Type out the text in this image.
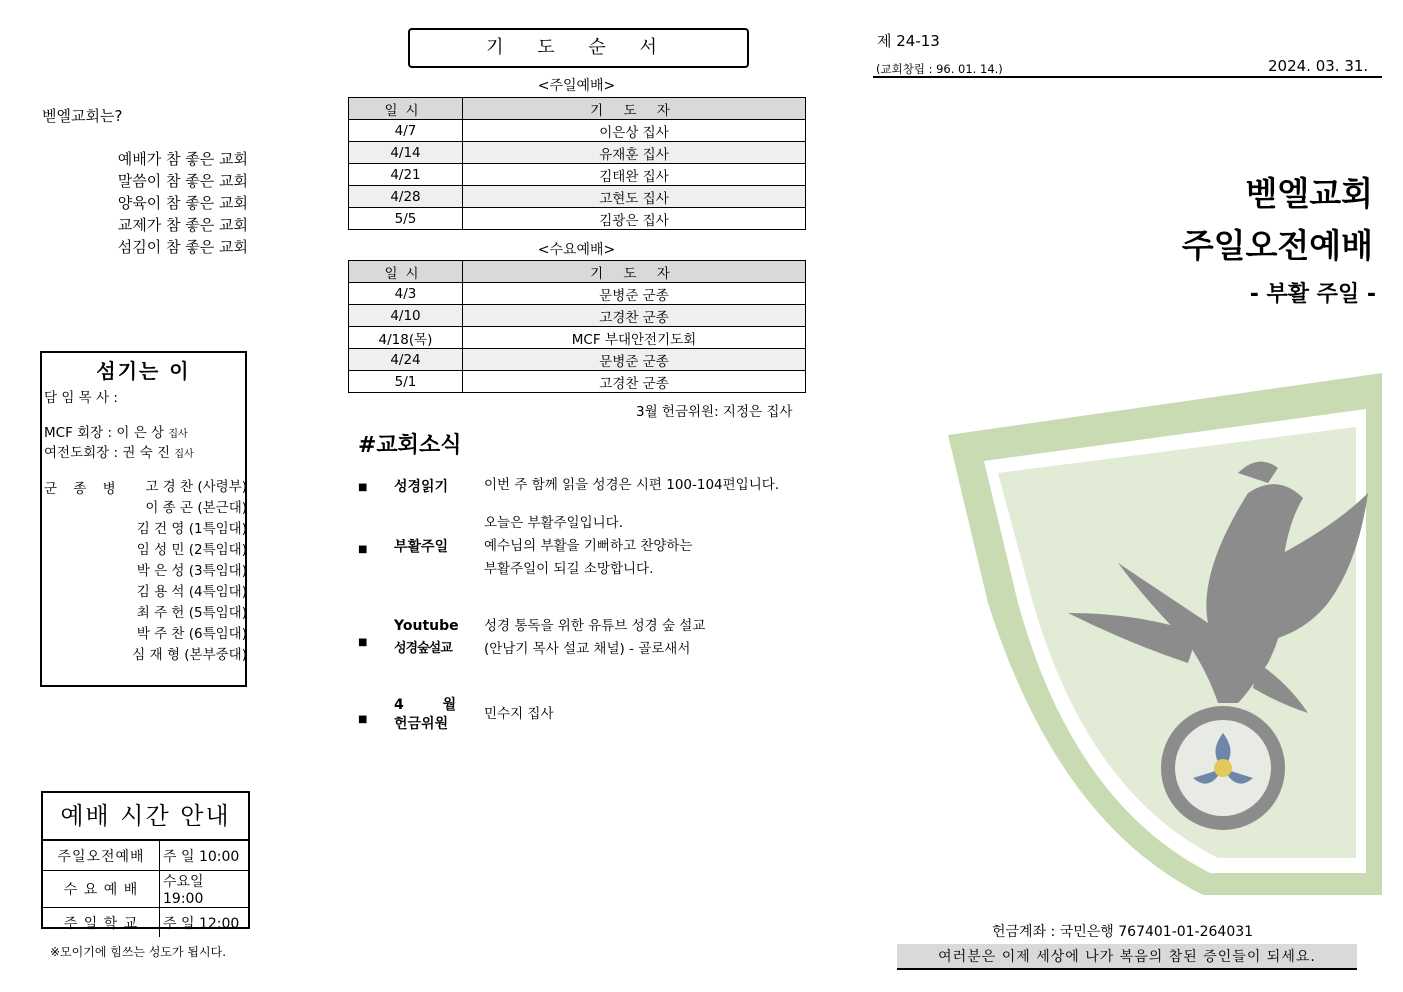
벧엘교회는?
예배가 참 좋은 교회
말씀이 참 좋은 교회
양육이 참 좋은 교회
교제가 참 좋은 교회
섬김이 참 좋은 교회
섬기는 이
담 임 목 사 :
MCF 회장 : 이 은 상 집사
여전도회장 : 권 숙 진 집사
군 종 병	고 경 찬 (사령부)
이 종 곤 (본근대)
김 건 영 (1특임대)
임 성 민 (2특임대)
박 은 성 (3특임대)
김 용 석 (4특임대)
최 주 헌 (5특임대)
박 주 찬 (6특임대)
심 재 형 (본부중대)
예배 시간 안내
주일오전예배	주 일 10:00
수 요 예 배	수요일 19:00
주 일 학 교	주 일 12:00
※모이기에 힘쓰는 성도가 됩시다.
기 도 순 서
<주일예배>
일시	기 도 자
4/7	이은상 집사
4/14	유재훈 집사
4/21	김태완 집사
4/28	고현도 집사
5/5	김광은 집사
<수요예배>
일시	기 도 자
4/3	문병준 군종
4/10	고경찬 군종
4/18(목)	MCF 부대안전기도회
4/24	문병준 군종
5/1	고경찬 군종
3월 헌금위원: 지정은 집사
#교회소식
■ 성경읽기	이번 주 함께 읽을 성경은 시편 100-104편입니다.
■ 부활주일
오늘은 부활주일입니다.
예수님의 부활을 기뻐하고 찬양하는
부활주일이 되길 소망합니다.
■
Youtube
성경숲설교
성경 통독을 위한 유튜브 성경 숲 설교
(안남기 목사 설교 채널) - 골로새서
■
4 월
헌금위원
민수지 집사
제 24-13
(교회창립 : 96. 01. 14.)	2024. 03. 31.
벧엘교회
주일오전예배
- 부활 주일 -
헌금계좌 : 국민은행 767401-01-264031
여러분은 이제 세상에 나가 복음의 참된 증인들이 되세요.
